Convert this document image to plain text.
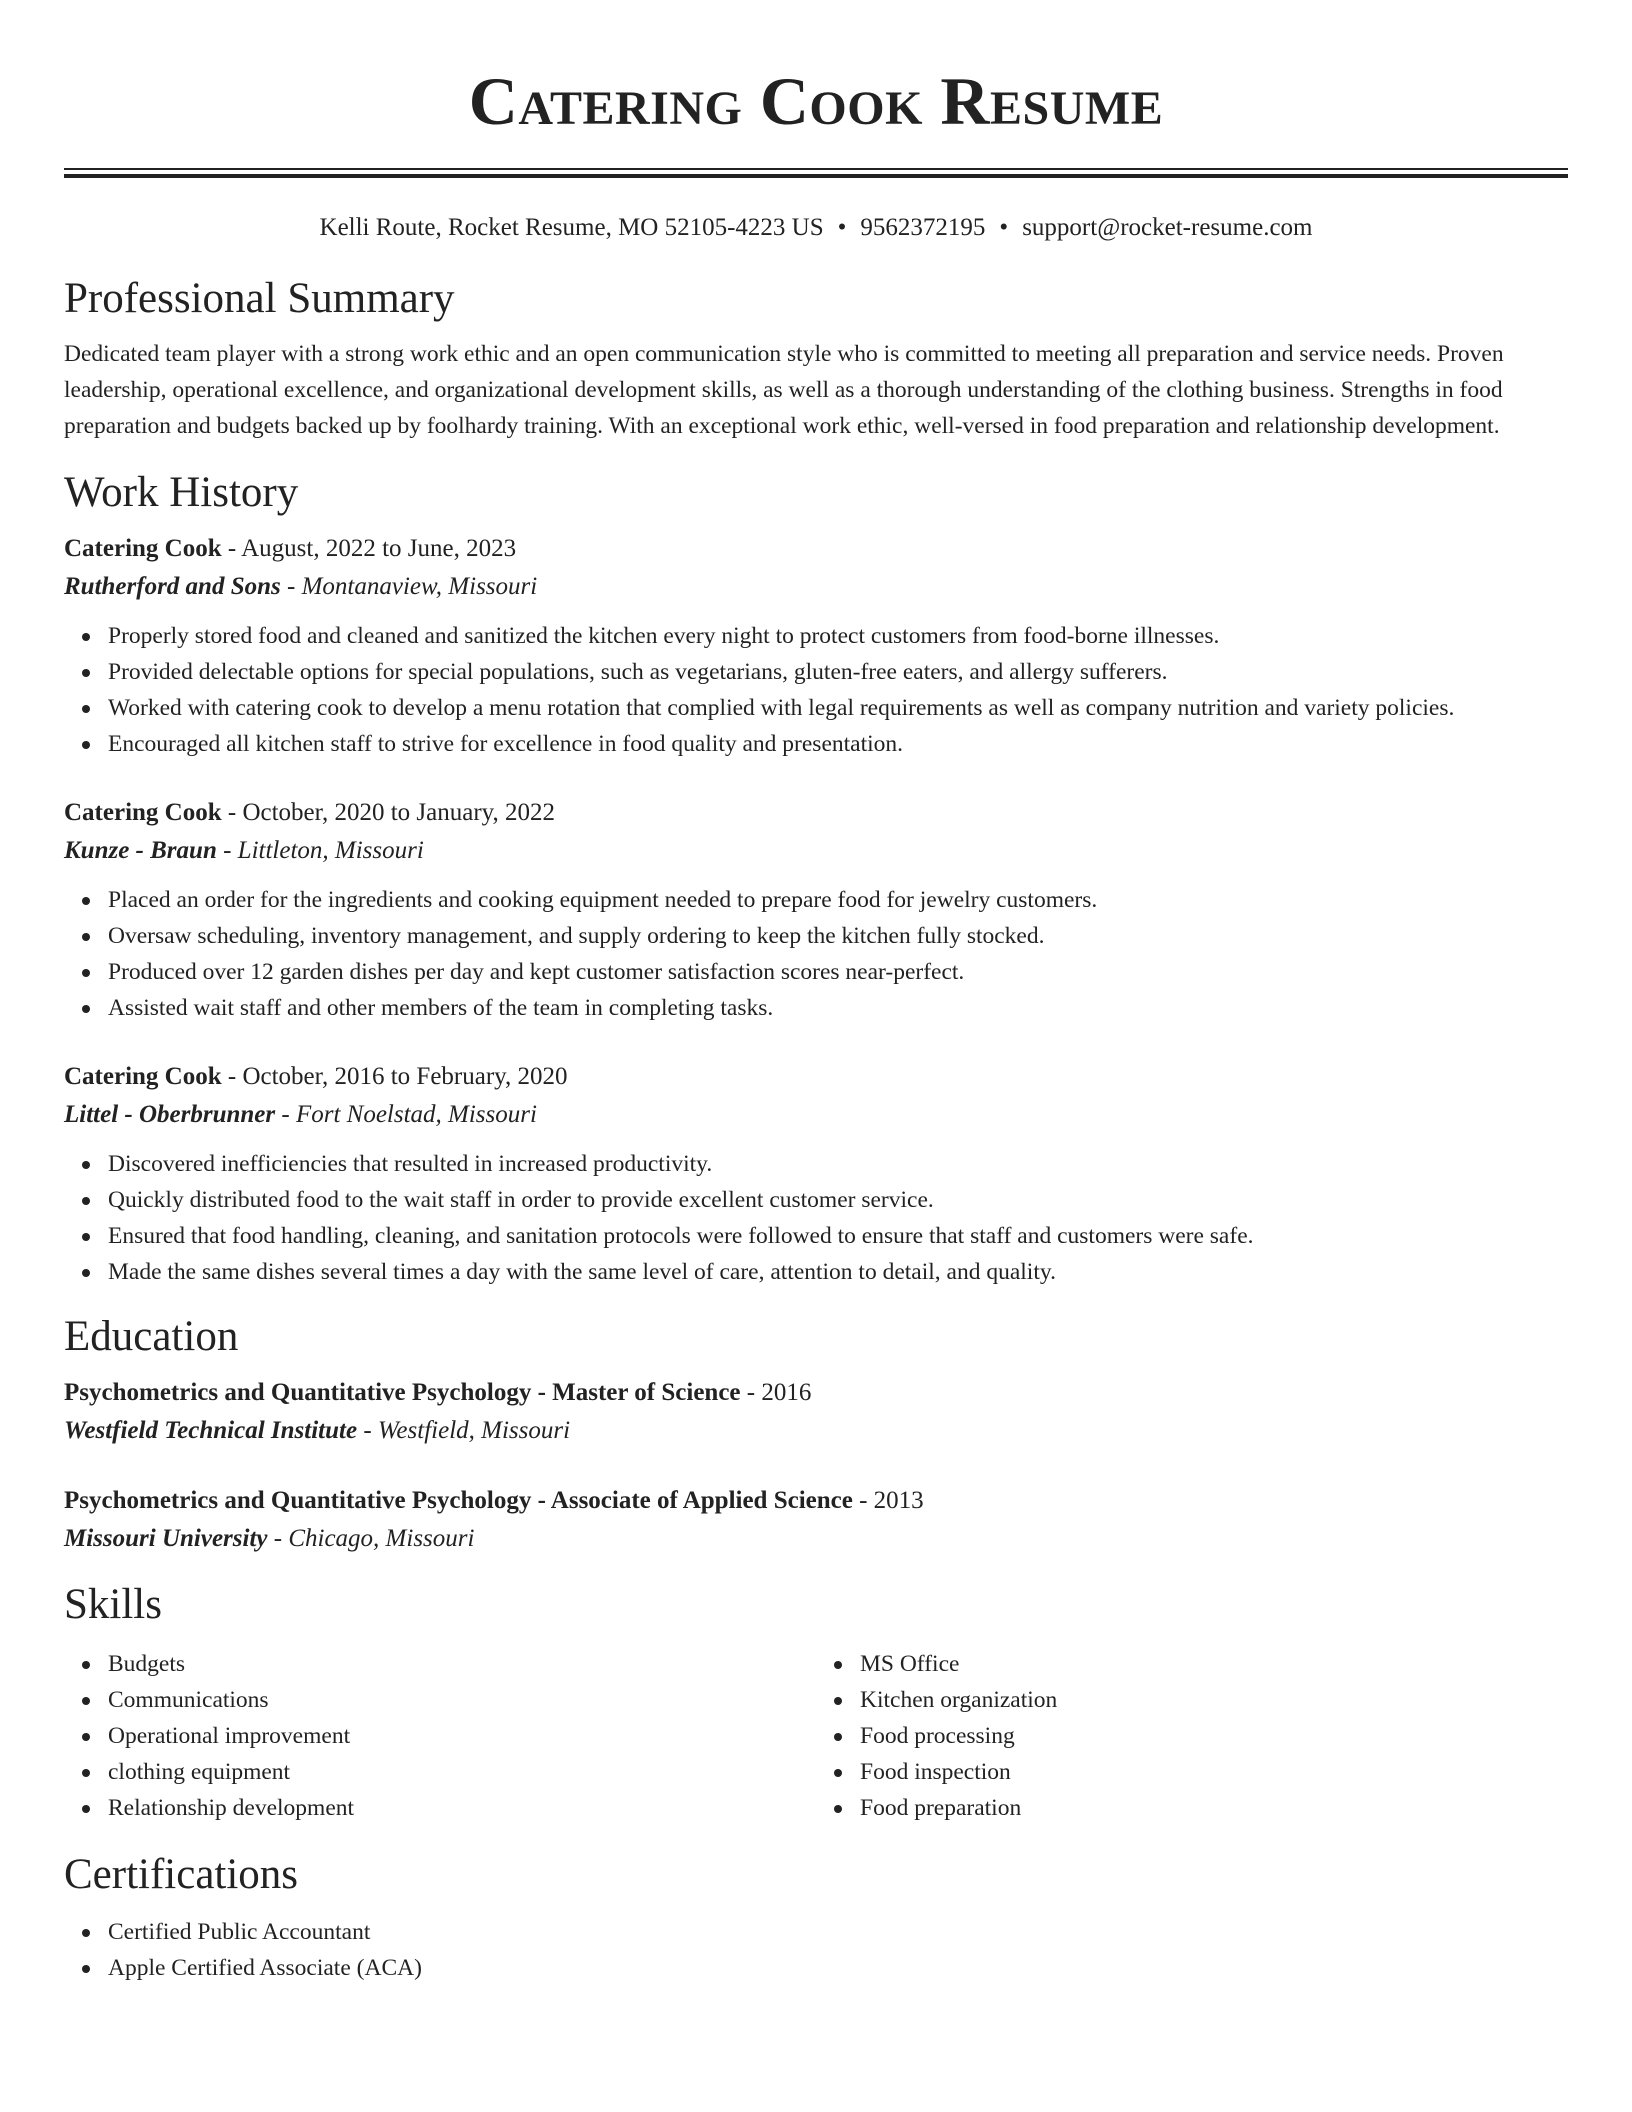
Catering Cook Resume
Kelli Route, Rocket Resume, MO 52105-4223 US • 9562372195 • support@rocket-resume.com
Professional Summary

Dedicated team player with a strong work ethic and an open communication style who is committed to meeting all preparation and service needs. Proven leadership, operational excellence, and organizational development skills, as well as a thorough understanding of the clothing business. Strengths in food preparation and budgets backed up by foolhardy training. With an exceptional work ethic, well-versed in food preparation and relationship development.

Work History

Catering Cook - August, 2022 to June, 2023

Rutherford and Sons - Montanaview, Missouri

Properly stored food and cleaned and sanitized the kitchen every night to protect customers from food-borne illnesses.
Provided delectable options for special populations, such as vegetarians, gluten-free eaters, and allergy sufferers.
Worked with catering cook to develop a menu rotation that complied with legal requirements as well as company nutrition and variety policies.
Encouraged all kitchen staff to strive for excellence in food quality and presentation.

Catering Cook - October, 2020 to January, 2022

Kunze - Braun - Littleton, Missouri

Placed an order for the ingredients and cooking equipment needed to prepare food for jewelry customers.
Oversaw scheduling, inventory management, and supply ordering to keep the kitchen fully stocked.
Produced over 12 garden dishes per day and kept customer satisfaction scores near-perfect.
Assisted wait staff and other members of the team in completing tasks.

Catering Cook - October, 2016 to February, 2020

Littel - Oberbrunner - Fort Noelstad, Missouri

Discovered inefficiencies that resulted in increased productivity.
Quickly distributed food to the wait staff in order to provide excellent customer service.
Ensured that food handling, cleaning, and sanitation protocols were followed to ensure that staff and customers were safe.
Made the same dishes several times a day with the same level of care, attention to detail, and quality.
Education

Psychometrics and Quantitative Psychology - Master of Science - 2016

Westfield Technical Institute - Westfield, Missouri

Psychometrics and Quantitative Psychology - Associate of Applied Science - 2013

Missouri University - Chicago, Missouri

Skills
Budgets
Communications
Operational improvement
clothing equipment
Relationship development
MS Office
Kitchen organization
Food processing
Food inspection
Food preparation
Certifications
Certified Public Accountant
Apple Certified Associate (ACA)
